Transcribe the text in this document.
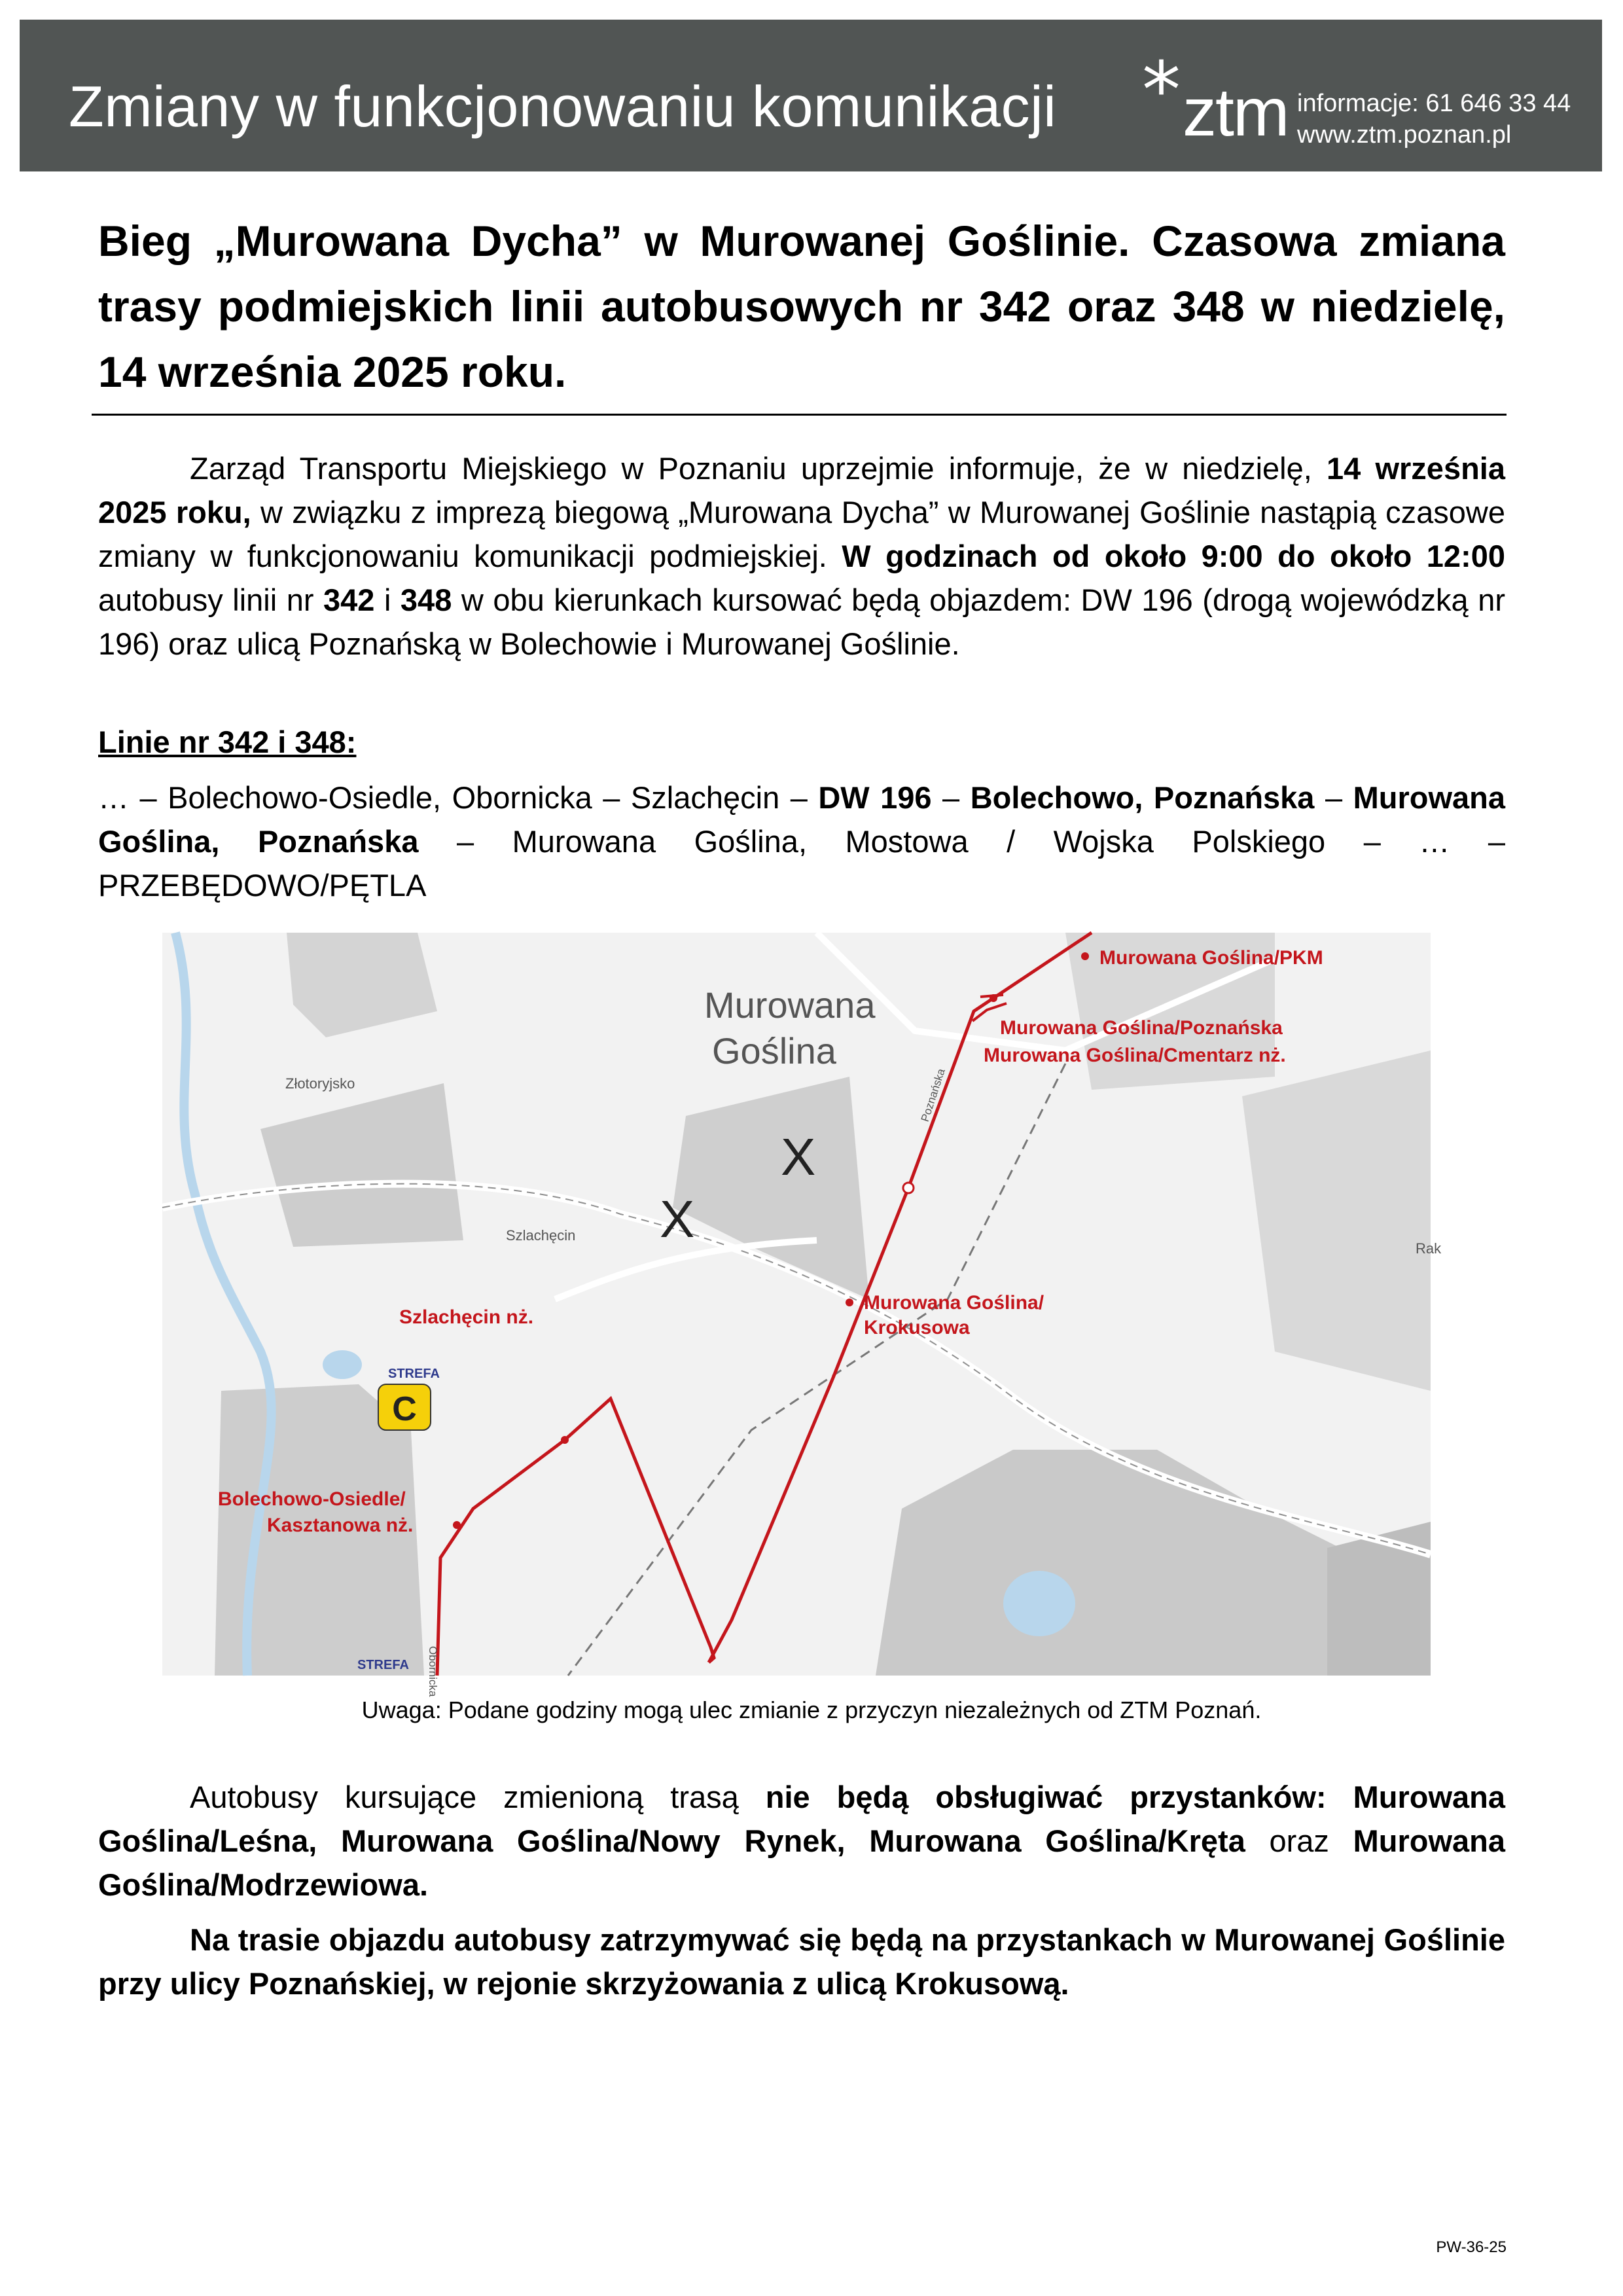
Zmiany w funkcjonowaniu komunikacji * ztm informacje: 61 646 33 44
www.ztm.poznan.pl
Bieg „Murowana Dycha” w Murowanej Goślinie. Czasowa zmiana trasy podmiejskich linii autobusowych nr 342 oraz 348 w niedzielę, 14 września 2025 roku.
Zarząd Transportu Miejskiego w Poznaniu uprzejmie informuje, że w niedzielę, 14 września 2025 roku, w związku z imprezą biegową „Murowana Dycha” w Murowanej Goślinie nastąpią czasowe zmiany w funkcjonowaniu komunikacji podmiejskiej. W godzinach od około 9:00 do około 12:00 autobusy linii nr 342 i 348 w obu kierunkach kursować będą objazdem: DW 196 (drogą wojewódzką nr 196) oraz ulicą Poznańską w Bolechowie i Murowanej Goślinie.
Linie nr 342 i 348:
… – Bolechowo-Osiedle, Obornicka – Szlachęcin – DW 196 – Bolechowo, Poznańska – Murowana Goślina, Poznańska – Murowana Goślina, Mostowa / Wojska Polskiego – … – PRZEBĘDOWO/PĘTLA
C
STREFA
STREFA
Murowana
Goślina
Złotoryjsko
Szlachęcin
Rak
Poznańska
Obornicka
X
X
Murowana Goślina/PKM
Murowana Goślina/Poznańska
Murowana Goślina/Cmentarz nż.
Murowana Goślina/
Krokusowa
Szlachęcin nż.
Bolechowo-Osiedle/
Kasztanowa nż.
Uwaga: Podane godziny mogą ulec zmianie z przyczyn niezależnych od ZTM Poznań.
Autobusy kursujące zmienioną trasą nie będą obsługiwać przystanków: Murowana Goślina/Leśna, Murowana Goślina/Nowy Rynek, Murowana Goślina/Kręta oraz Murowana Goślina/Modrzewiowa.
Na trasie objazdu autobusy zatrzymywać się będą na przystankach w Murowanej Goślinie przy ulicy Poznańskiej, w rejonie skrzyżowania z ulicą Krokusową.
PW-36-25
